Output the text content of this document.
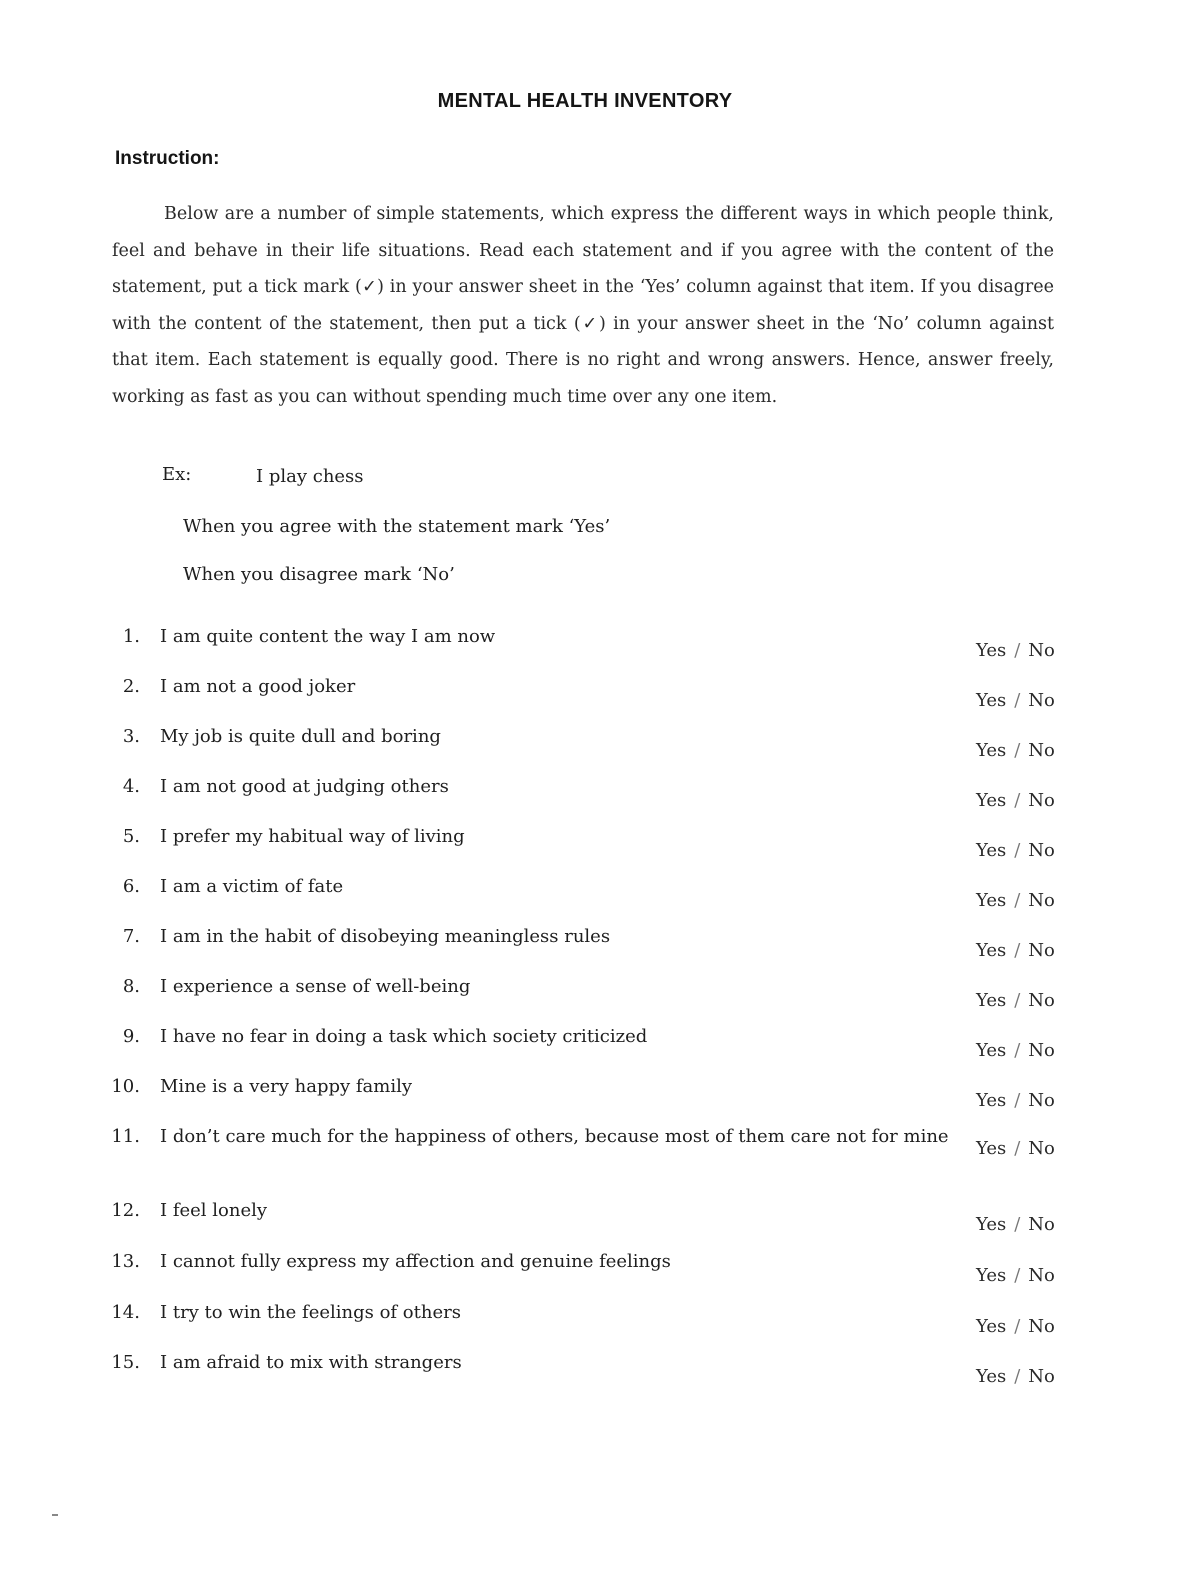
MENTAL HEALTH INVENTORY
Instruction:

Below are a number of simple statements, which express the different ways in which people think, feel and behave in their life situations. Read each statement and if you agree with the content of the statement, put a tick mark (✓) in your answer sheet in the ‘Yes’ column against that item. If you disagree with the content of the statement, then put a tick (✓) in your answer sheet in the ‘No’ column against that item. Each statement is equally good. There is no right and wrong answers. Hence, answer freely, working as fast as you can without spending much time over any one item.

Ex:	I play chess
When you agree with the statement mark ‘Yes’
When you disagree mark ‘No’
1. I am quite content the way I am now
Yes / No
2. I am not a good joker
Yes / No
3. My job is quite dull and boring
Yes / No
4. I am not good at judging others
Yes / No
5. I prefer my habitual way of living
Yes / No
6. I am a victim of fate
Yes / No
7. I am in the habit of disobeying meaningless rules
Yes / No
8. I experience a sense of well-being
Yes / No
9. I have no fear in doing a task which society criticized
Yes / No
10. Mine is a very happy family
Yes / No
11. I don’t care much for the happiness of others, because most of them care not for mine
Yes / No
12. I feel lonely
Yes / No
13. I cannot fully express my affection and genuine feelings
Yes / No
14. I try to win the feelings of others
Yes / No
15. I am afraid to mix with strangers
Yes / No
